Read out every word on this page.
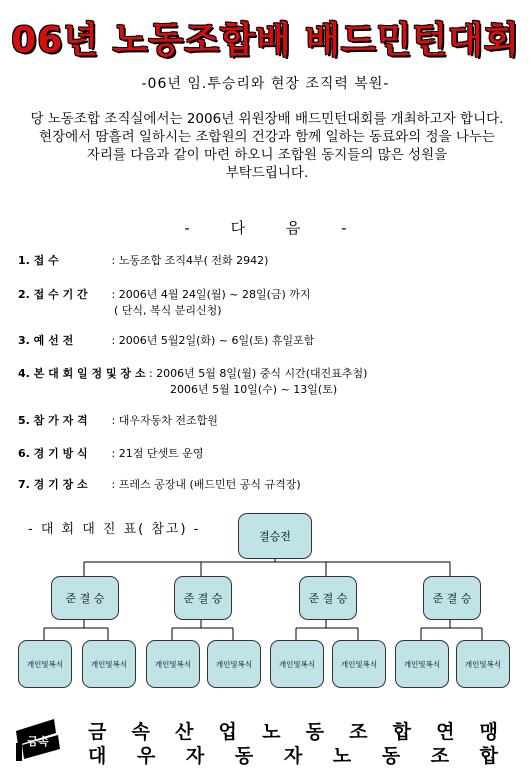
06년 노동조합배 배드민턴대회
-06년 임.투승리와 현장 조직력 복원-
당 노동조합 조직실에서는 2006년 위원장배 배드민턴대회를 개최하고자 합니다.
현장에서 땀흘려 일하시는 조합원의 건강과 함께 일하는 동료와의 정을 나누는
자리를 다음과 같이 마련 하오니 조합원 동지들의 많은 성원을
부탁드립니다.
-	다	음	-
1. 접 수	: 노동조합 조직4부( 전화 2942)
2. 접 수 기 간 : 2006년 4월 24일(월) ~ 28일(금) 까지
( 단식, 복식 분리신청)
3. 예 선 전	: 2006년 5월2일(화) ~ 6일(토) 휴일포함
4. 본 대 회 일 정 및 장 소 : 2006년 5월 8일(월) 중식 시간(대진표추첨)
2006년 5월 10일(수) ~ 13일(토)
5. 참 가 자 격 : 대우자동차 전조합원
6. 경 기 방 식 : 21점 단셋트 운영
7. 경 기 장 소 : 프레스 공장내 (배드민턴 공식 규격장)
- 대 회 대 진 표( 참고) -	결승전
준 결 승	준 결 승	준 결 승	준 결 승
개인및복식	개인및복식	개인및복식	개인및복식	개인및복식	개인및복식	개인및복식	개인및복식
금속 금 속 산 업 노 동 조 합 연 맹
대 우 자 동 자 노 동 조 합
